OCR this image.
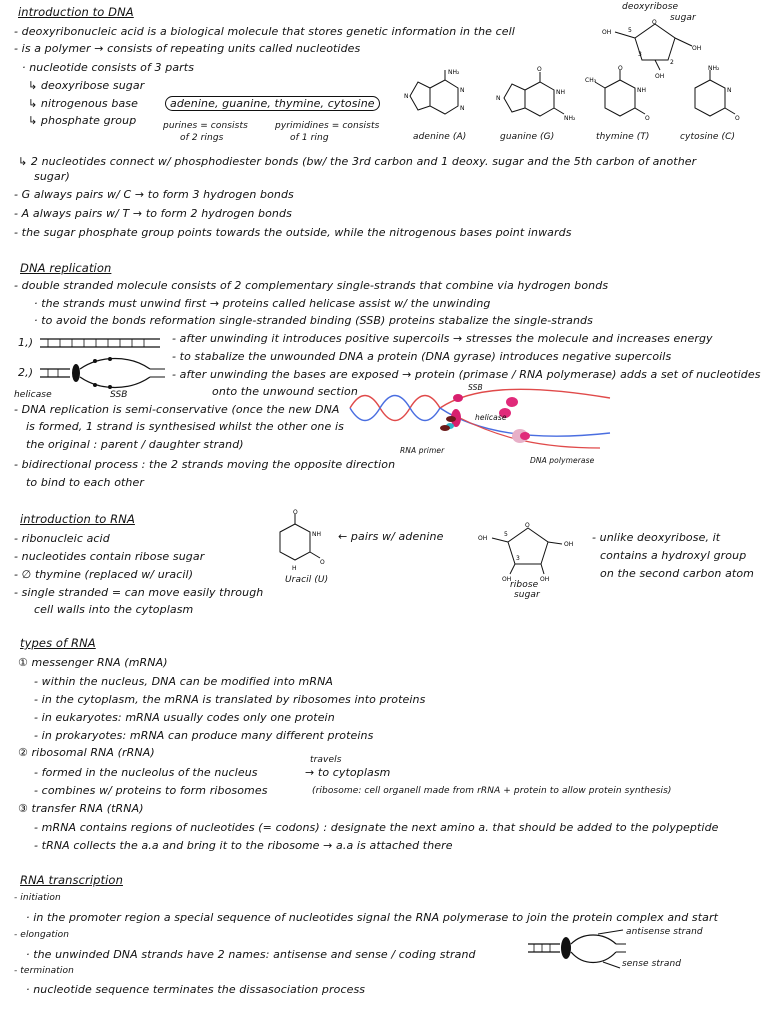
introduction to DNA
- deoxyribonucleic acid is a biological molecule that stores genetic information in the cell
- is a polymer → consists of repeating units called nucleotides
· nucleotide consists of 3 parts
↳ deoxyribose sugar
↳ nitrogenous base
↳ phosphate group
adenine, guanine, thymine, cytosine
purines = consists
of 2 rings
pyrimidines = consists
of 1 ring
↳ 2 nucleotides connect w/ phosphodiester bonds (bw/ the 3rd carbon and 1 deoxy. sugar and the 5th carbon of another
sugar)
- G always pairs w/ C → to form 3 hydrogen bonds
- A always pairs w/ T → to form 2 hydrogen bonds
- the sugar phosphate group points towards the outside, while the nitrogenous bases point inwards
deoxyribose
sugar
O
OH
OH
OH
5
3
2
NH₂
N
N
N
adenine (A)
O
NH
NH₂
N
guanine (G)
O
CH₃
NH
O
thymine (T)
NH₂
N
O
cytosine (C)
DNA replication
- double stranded molecule consists of 2 complementary single-strands that combine via hydrogen bonds
· the strands must unwind first → proteins called helicase assist w/ the unwinding
· to avoid the bonds reformation single-stranded binding (SSB) proteins stabalize the single-strands
- after unwinding it introduces positive supercoils → stresses the molecule and increases energy
- to stabalize the unwounded DNA a protein (DNA gyrase) introduces negative supercoils
- after unwinding the bases are exposed → protein (primase / RNA polymerase) adds a set of nucleotides
onto the unwound section
- DNA replication is semi-conservative (once the new DNA
is formed, 1 strand is synthesised whilst the other one is
the original : parent / daughter strand)
- bidirectional process : the 2 strands moving the opposite direction
to bind to each other
1,)
2,)
helicase	SSB
SSB
helicase
RNA primer
DNA polymerase
introduction to RNA
- ribonucleic acid
- nucleotides contain ribose sugar
- ∅ thymine (replaced w/ uracil)
- single stranded = can move easily through
cell walls into the cytoplasm
O
NH
O
H
Uracil (U)
← pairs w/ adenine
O
OH
OH
OH	OH
5
3
ribose
sugar
- unlike deoxyribose, it
contains a hydroxyl group
on the second carbon atom
types of RNA
① messenger RNA (mRNA)
- within the nucleus, DNA can be modified into mRNA
- in the cytoplasm, the mRNA is translated by ribosomes into proteins
- in eukaryotes: mRNA usually codes only one protein
- in prokaryotes: mRNA can produce many different proteins
② ribosomal RNA (rRNA)
- formed in the nucleolus of the nucleus	→ to cytoplasm
travels
- combines w/ proteins to form ribosomes	(ribosome: cell organell made from rRNA + protein to allow protein synthesis)
③ transfer RNA (tRNA)
- mRNA contains regions of nucleotides (= codons) : designate the next amino a. that should be added to the polypeptide
- tRNA collects the a.a and bring it to the ribosome → a.a is attached there
RNA transcription
- initiation
· in the promoter region a special sequence of nucleotides signal the RNA polymerase to join the protein complex and start
- elongation
· the unwinded DNA strands have 2 names: antisense and sense / coding strand
- termination
· nucleotide sequence terminates the dissasociation process
antisense strand
sense strand
